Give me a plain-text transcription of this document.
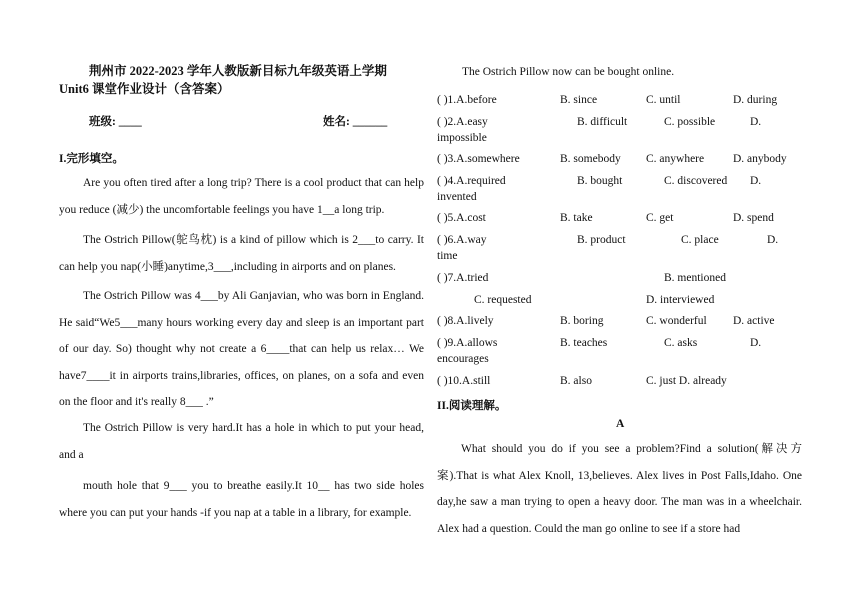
荆州市 2022-2023 学年人教版新目标九年级英语上学期
Unit6 课堂作业设计（含答案）
班级: ____	姓名: ______
I.完形填空。
Are you often tired after a long trip? There is a cool product that can help you reduce (减少) the uncomfortable feelings you have 1__a long trip.
The Ostrich Pillow(鸵鸟枕) is a kind of pillow which is 2___to carry. It can help you nap(小睡)anytime,3___,including in airports and on planes.
The Ostrich Pillow was 4___by Ali Ganjavian, who was born in England. He said“We5___many hours working every day and sleep is an important part of our day. So) thought why not create a 6____that can help us relax… We have7____it in airports trains,libraries, offices, on planes, on a sofa and even on the floor and it's really 8___ .”
The Ostrich Pillow is very hard.It has a hole in which to put your head, and a
mouth hole that 9___ you to breathe easily.It 10__ has two side holes where you can put your hands -if you nap at a table in a library, for example.
The Ostrich Pillow now can be bought online.
( )1.A.before	B. since	C. until	D. during
( )2.A.easy	B. difficult	C. possible	D.
impossible
( )3.A.somewhere	B. somebody C. anywhere	D. anybody
( )4.A.required	B. bought	C. discovered D.
invented
( )5.A.cost	B. take	C. get	D. spend
( )6.A.way	B. product	C. place	D.
time
( )7.A.tried	B. mentioned
C. requested	D. interviewed
( )8.A.lively	B. boring	C. wonderful D. active
( )9.A.allows	B. teaches	C. asks	D.
encourages
( )10.A.still	B. also	C. just D. already
II.阅读理解。
A
What should you do if you see a problem?Find a solution(解决方案).That is what Alex Knoll, 13,believes. Alex lives in Post Falls,Idaho. One day,he saw a man trying to open a heavy door. The man was in a wheelchair. Alex had a question. Could the man go online to see if a store had
